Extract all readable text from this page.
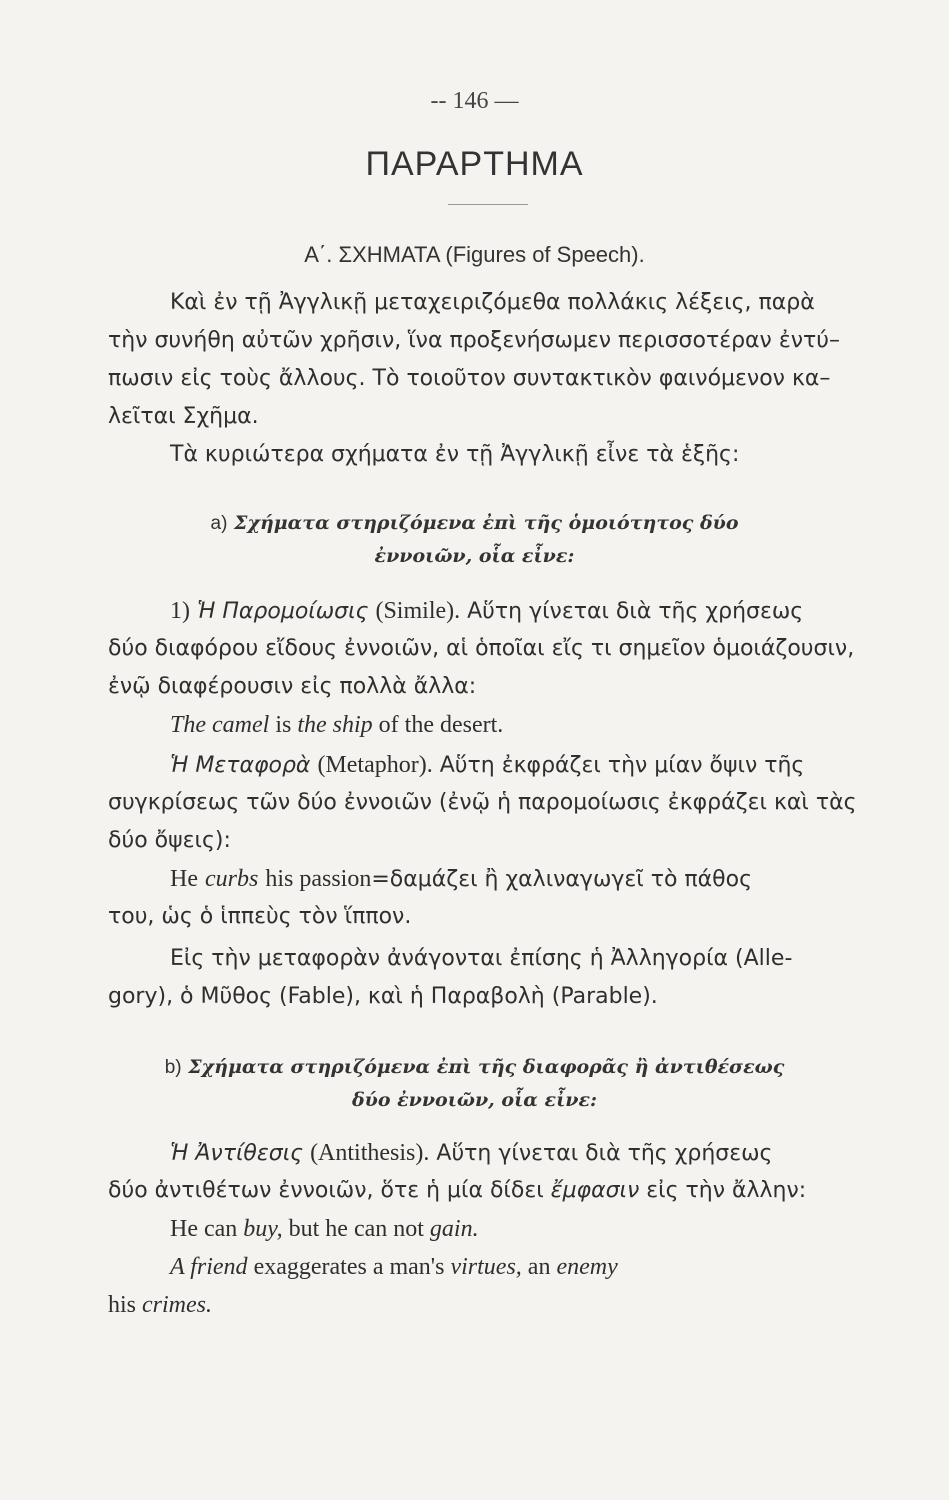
-- 146 —
ΠΑΡΑΡΤΗΜΑ
Α΄. ΣΧΗΜΑΤΑ (Figures of Speech).
Καὶ ἐν τῇ Ἀγγλικῇ μεταχειριζόμεθα πολλάκις λέξεις, παρὰ
τὴν συνήθη αὐτῶν χρῆσιν, ἵνα προξενήσωμεν περισσοτέραν ἐντύ–
πωσιν εἰς τοὺς ἄλλους. Τὸ τοιοῦτον συντακτικὸν φαινόμενον κα–
λεῖται Σχῆμα.
Τὰ κυριώτερα σχήματα ἐν τῇ Ἀγγλικῇ εἶνε τὰ ἑξῆς:
a) Σχήματα στηριζόμενα ἐπὶ τῆς ὁμοιότητος δύο
ἐννοιῶν, οἷα εἶνε:
1) Ἡ Παρομοίωσις (Simile). Αὕτη γίνεται διὰ τῆς χρήσεως
δύο διαφόρου εἴδους ἐννοιῶν, αἱ ὁποῖαι εἴς τι σημεῖον ὁμοιάζουσιν,
ἐνῷ διαφέρουσιν εἰς πολλὰ ἄλλα:
The camel is the ship of the desert.
Ἡ Μεταφορὰ (Metaphor). Αὕτη ἐκφράζει τὴν μίαν ὄψιν τῆς
συγκρίσεως τῶν δύο ἐννοιῶν (ἐνῷ ἡ παρομοίωσις ἐκφράζει καὶ τὰς
δύο ὄψεις):
He curbs his passion=δαμάζει ἢ χαλιναγωγεῖ τὸ πάθος
του, ὡς ὁ ἱππεὺς τὸν ἵππον.
Εἰς τὴν μεταφορὰν ἀνάγονται ἐπίσης ἡ Ἀλληγορία (Alle-
gory), ὁ Μῦθος (Fable), καὶ ἡ Παραβολὴ (Parable).
b) Σχήματα στηριζόμενα ἐπὶ τῆς διαφορᾶς ἢ ἀντιθέσεως
δύο ἐννοιῶν, οἷα εἶνε:
Ἡ Ἀντίθεσις (Antithesis). Αὕτη γίνεται διὰ τῆς χρήσεως
δύο ἀντιθέτων ἐννοιῶν, ὅτε ἡ μία δίδει ἔμφασιν εἰς τὴν ἄλλην:
He can buy, but he can not gain.
A friend exaggerates a man's virtues, an enemy
his crimes.
